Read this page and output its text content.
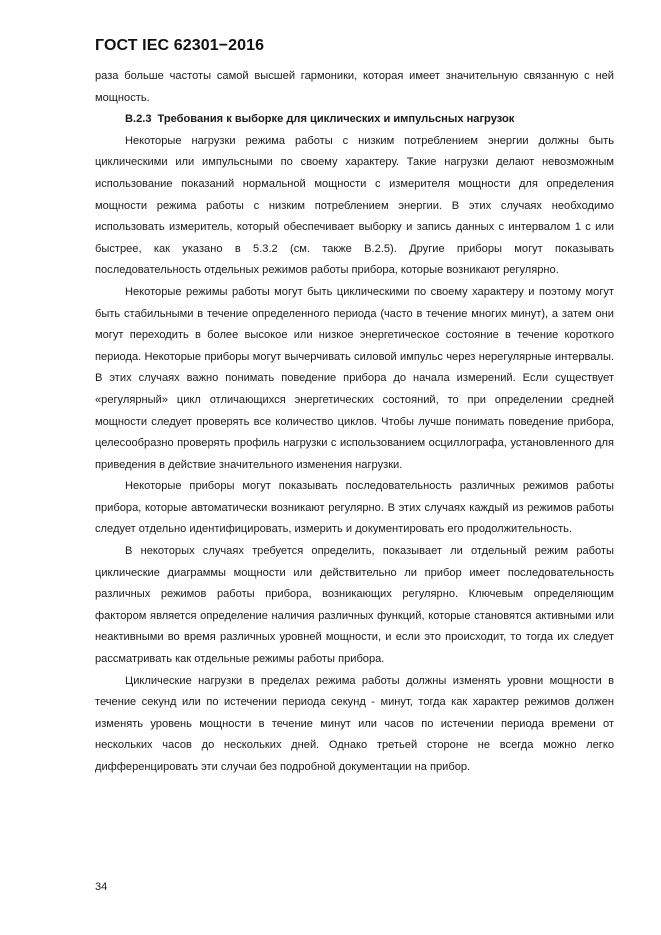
ГОСТ IEC 62301−2016

раза больше частоты самой высшей гармоники, которая имеет значительную связанную с ней мощность.

B.2.3 Требования к выборке для циклических и импульсных нагрузок

Некоторые нагрузки режима работы с низким потреблением энергии должны быть циклическими или импульсными по своему характеру. Такие нагрузки делают невозможным использование показаний нормальной мощности с измерителя мощности для определения мощности режима работы с низким потреблением энергии. В этих случаях необходимо использовать измеритель, который обеспечивает выборку и запись данных с интервалом 1 с или быстрее, как указано в 5.3.2 (см. также В.2.5). Другие приборы могут показывать последовательность отдельных режимов работы прибора, которые возникают регулярно.

Некоторые режимы работы могут быть циклическими по своему характеру и поэтому могут быть стабильными в течение определенного периода (часто в течение многих минут), а затем они могут переходить в более высокое или низкое энергетическое состояние в течение короткого периода. Некоторые приборы могут вычерчивать силовой импульс через нерегулярные интервалы. В этих случаях важно понимать поведение прибора до начала измерений. Если существует «регулярный» цикл отличающихся энергетических состояний, то при определении средней мощности следует проверять все количество циклов. Чтобы лучше понимать поведение прибора, целесообразно проверять профиль нагрузки с использованием осциллографа, установленного для приведения в действие значительного изменения нагрузки.

Некоторые приборы могут показывать последовательность различных режимов работы прибора, которые автоматически возникают регулярно. В этих случаях каждый из режимов работы следует отдельно идентифицировать, измерить и документировать его продолжительность.

В некоторых случаях требуется определить, показывает ли отдельный режим работы циклические диаграммы мощности или действительно ли прибор имеет последовательность различных режимов работы прибора, возникающих регулярно. Ключевым определяющим фактором является определение наличия различных функций, которые становятся активными или неактивными во время различных уровней мощности, и если это происходит, то тогда их следует рассматривать как отдельные режимы работы прибора.

Циклические нагрузки в пределах режима работы должны изменять уровни мощности в течение секунд или по истечении периода секунд - минут, тогда как характер режимов должен изменять уровень мощности в течение минут или часов по истечении периода времени от нескольких часов до нескольких дней. Однако третьей стороне не всегда можно легко дифференцировать эти случаи без подробной документации на прибор.

34
